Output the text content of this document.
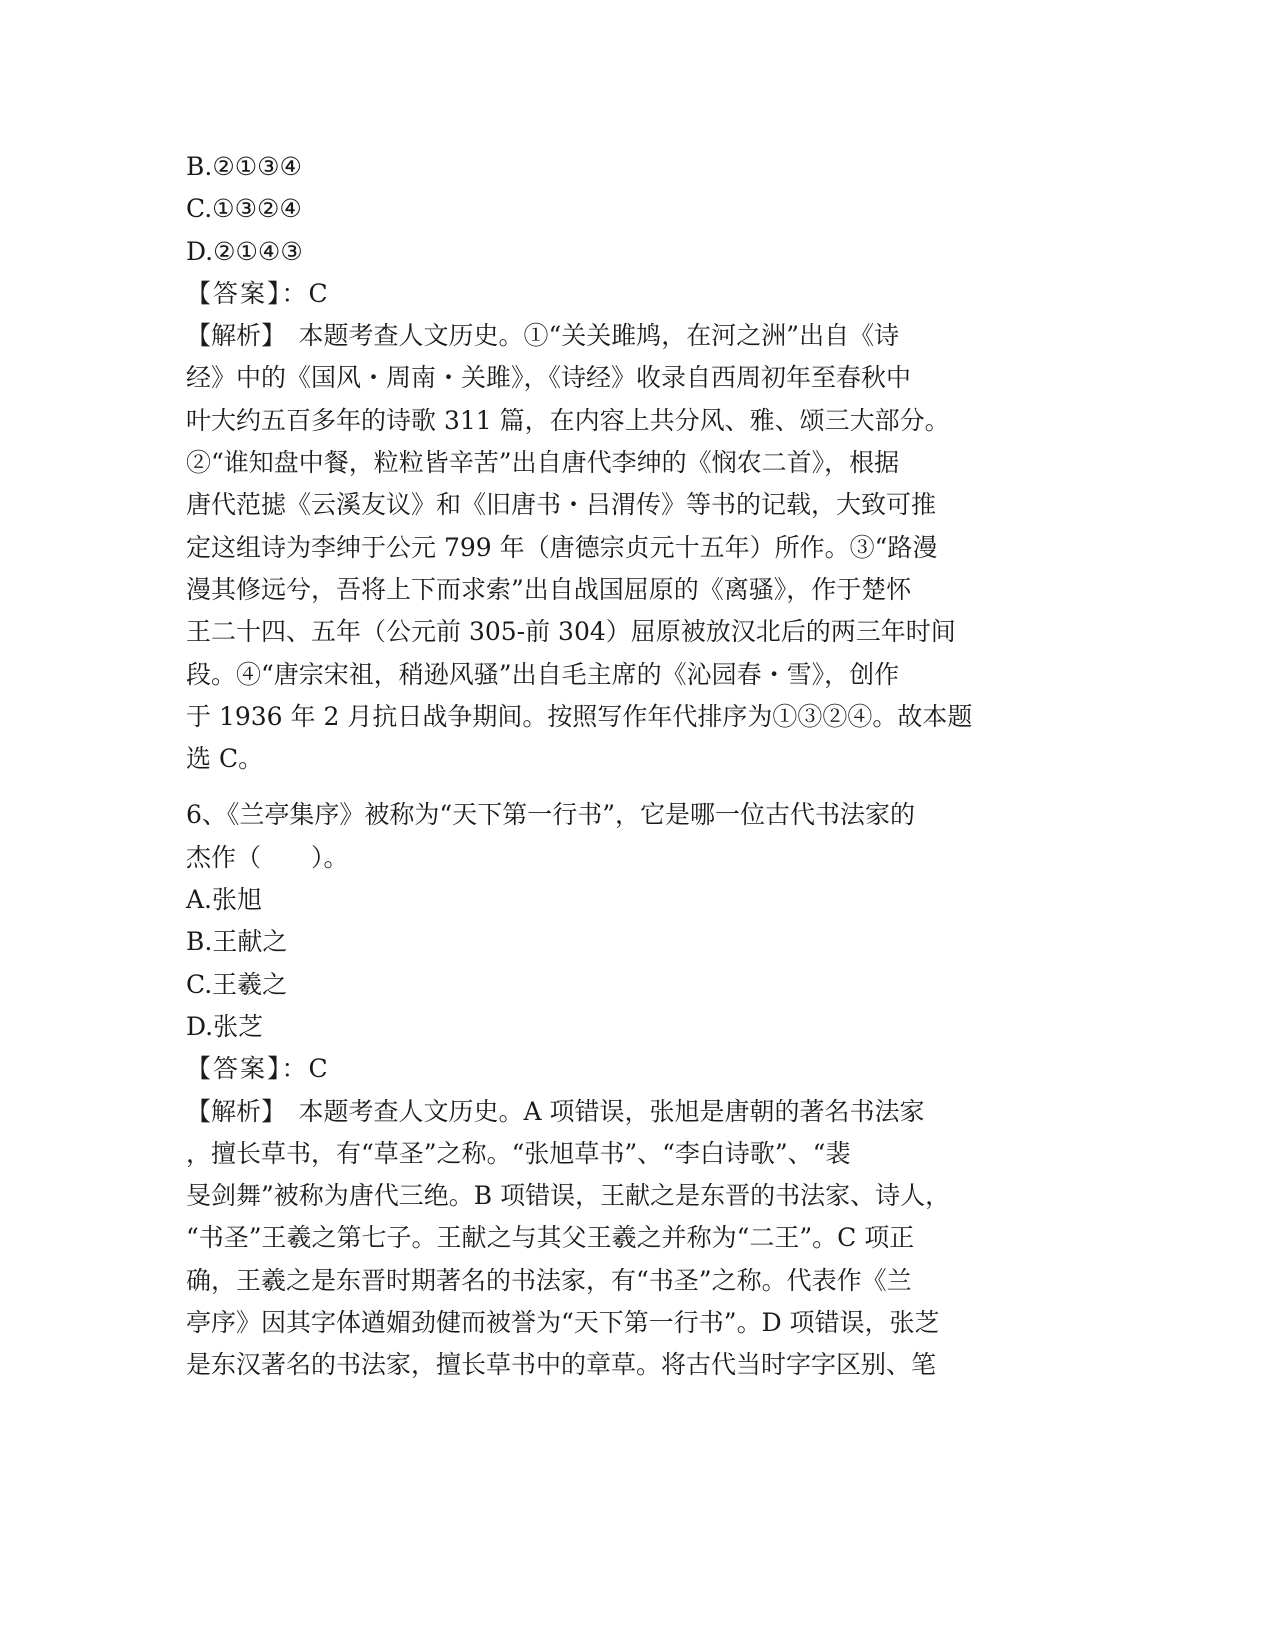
B.②①③④
C.①③②④
D.②①④③
【答案】：C
【解析】　本题考查人文历史。①“关关雎鸠，在河之洲”出自《诗
经》中的《国风・周南・关雎》，《诗经》收录自西周初年至春秋中
叶大约五百多年的诗歌 311 篇，在内容上共分风、雅、颂三大部分。
②“谁知盘中餐，粒粒皆辛苦”出自唐代李绅的《悯农二首》，根据
唐代范摅《云溪友议》和《旧唐书・吕渭传》等书的记载，大致可推
定这组诗为李绅于公元 799 年（唐德宗贞元十五年）所作。③“路漫
漫其修远兮，吾将上下而求索”出自战国屈原的《离骚》，作于楚怀
王二十四、五年（公元前 305-前 304）屈原被放汉北后的两三年时间
段。④“唐宗宋祖，稍逊风骚”出自毛主席的《沁园春・雪》，创作
于 1936 年 2 月抗日战争期间。按照写作年代排序为①③②④。故本题
选 C。
6、《兰亭集序》被称为“天下第一行书”，它是哪一位古代书法家的
杰作（　　）。
A.张旭
B.王献之
C.王羲之
D.张芝
【答案】：C
【解析】　本题考查人文历史。A 项错误，张旭是唐朝的著名书法家
，擅长草书，有“草圣”之称。“张旭草书”、“李白诗歌”、“裴
旻剑舞”被称为唐代三绝。B 项错误，王献之是东晋的书法家、诗人，
“书圣”王羲之第七子。王献之与其父王羲之并称为“二王”。C 项正
确，王羲之是东晋时期著名的书法家，有“书圣”之称。代表作《兰
亭序》因其字体遒媚劲健而被誉为“天下第一行书”。D 项错误，张芝
是东汉著名的书法家，擅长草书中的章草。将古代当时字字区别、笔
